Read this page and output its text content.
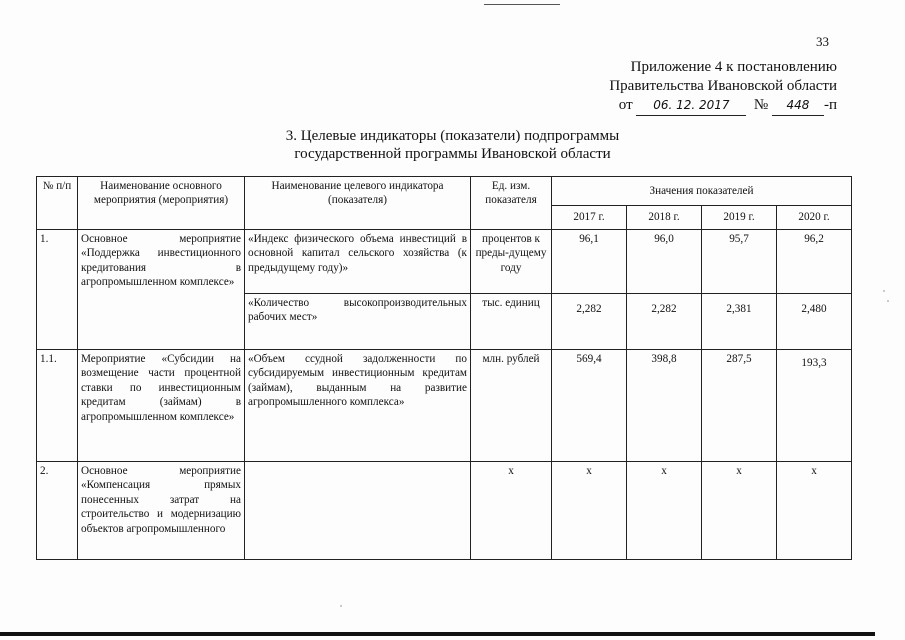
33
Приложение 4 к постановлению
Правительства Ивановской области
от 06. 12. 2017 № 448 -п
3. Целевые индикаторы (показатели) подпрограммы
государственной программы Ивановской области
№ п/п	Наименование основного мероприятия (мероприятия)	Наименование целевого индикатора (показателя)	Ед. изм. показателя	Значения показателей			
				2017 г.	2018 г.	2019 г.	2020 г.
1.	Основное мероприятие «Поддержка инвестиционного кредитования в агропромышленном комплексе»	«Индекс физического объема инвестиций в основной капитал сельского хозяйства (к предыдущему году)»	процентов к преды-дущему году	96,1	96,0	95,7	96,2
		«Количество высокопроизводительных рабочих мест»	тыс. единиц	2,282	2,282	2,381	2,480
1.1.	Мероприятие «Субсидии на возмещение части процентной ставки по инвестиционным кредитам (займам) в агропромышленном комплексе»	«Объем ссудной задолженности по субсидируемым инвестиционным кредитам (займам), выданным на развитие агропромышленного комплекса»	млн. рублей	569,4	398,8	287,5	193,3
2.	Основное мероприятие «Компенсация прямых понесенных затрат на строительство и модернизацию объектов агропромышленного		х	х	х	х	х
